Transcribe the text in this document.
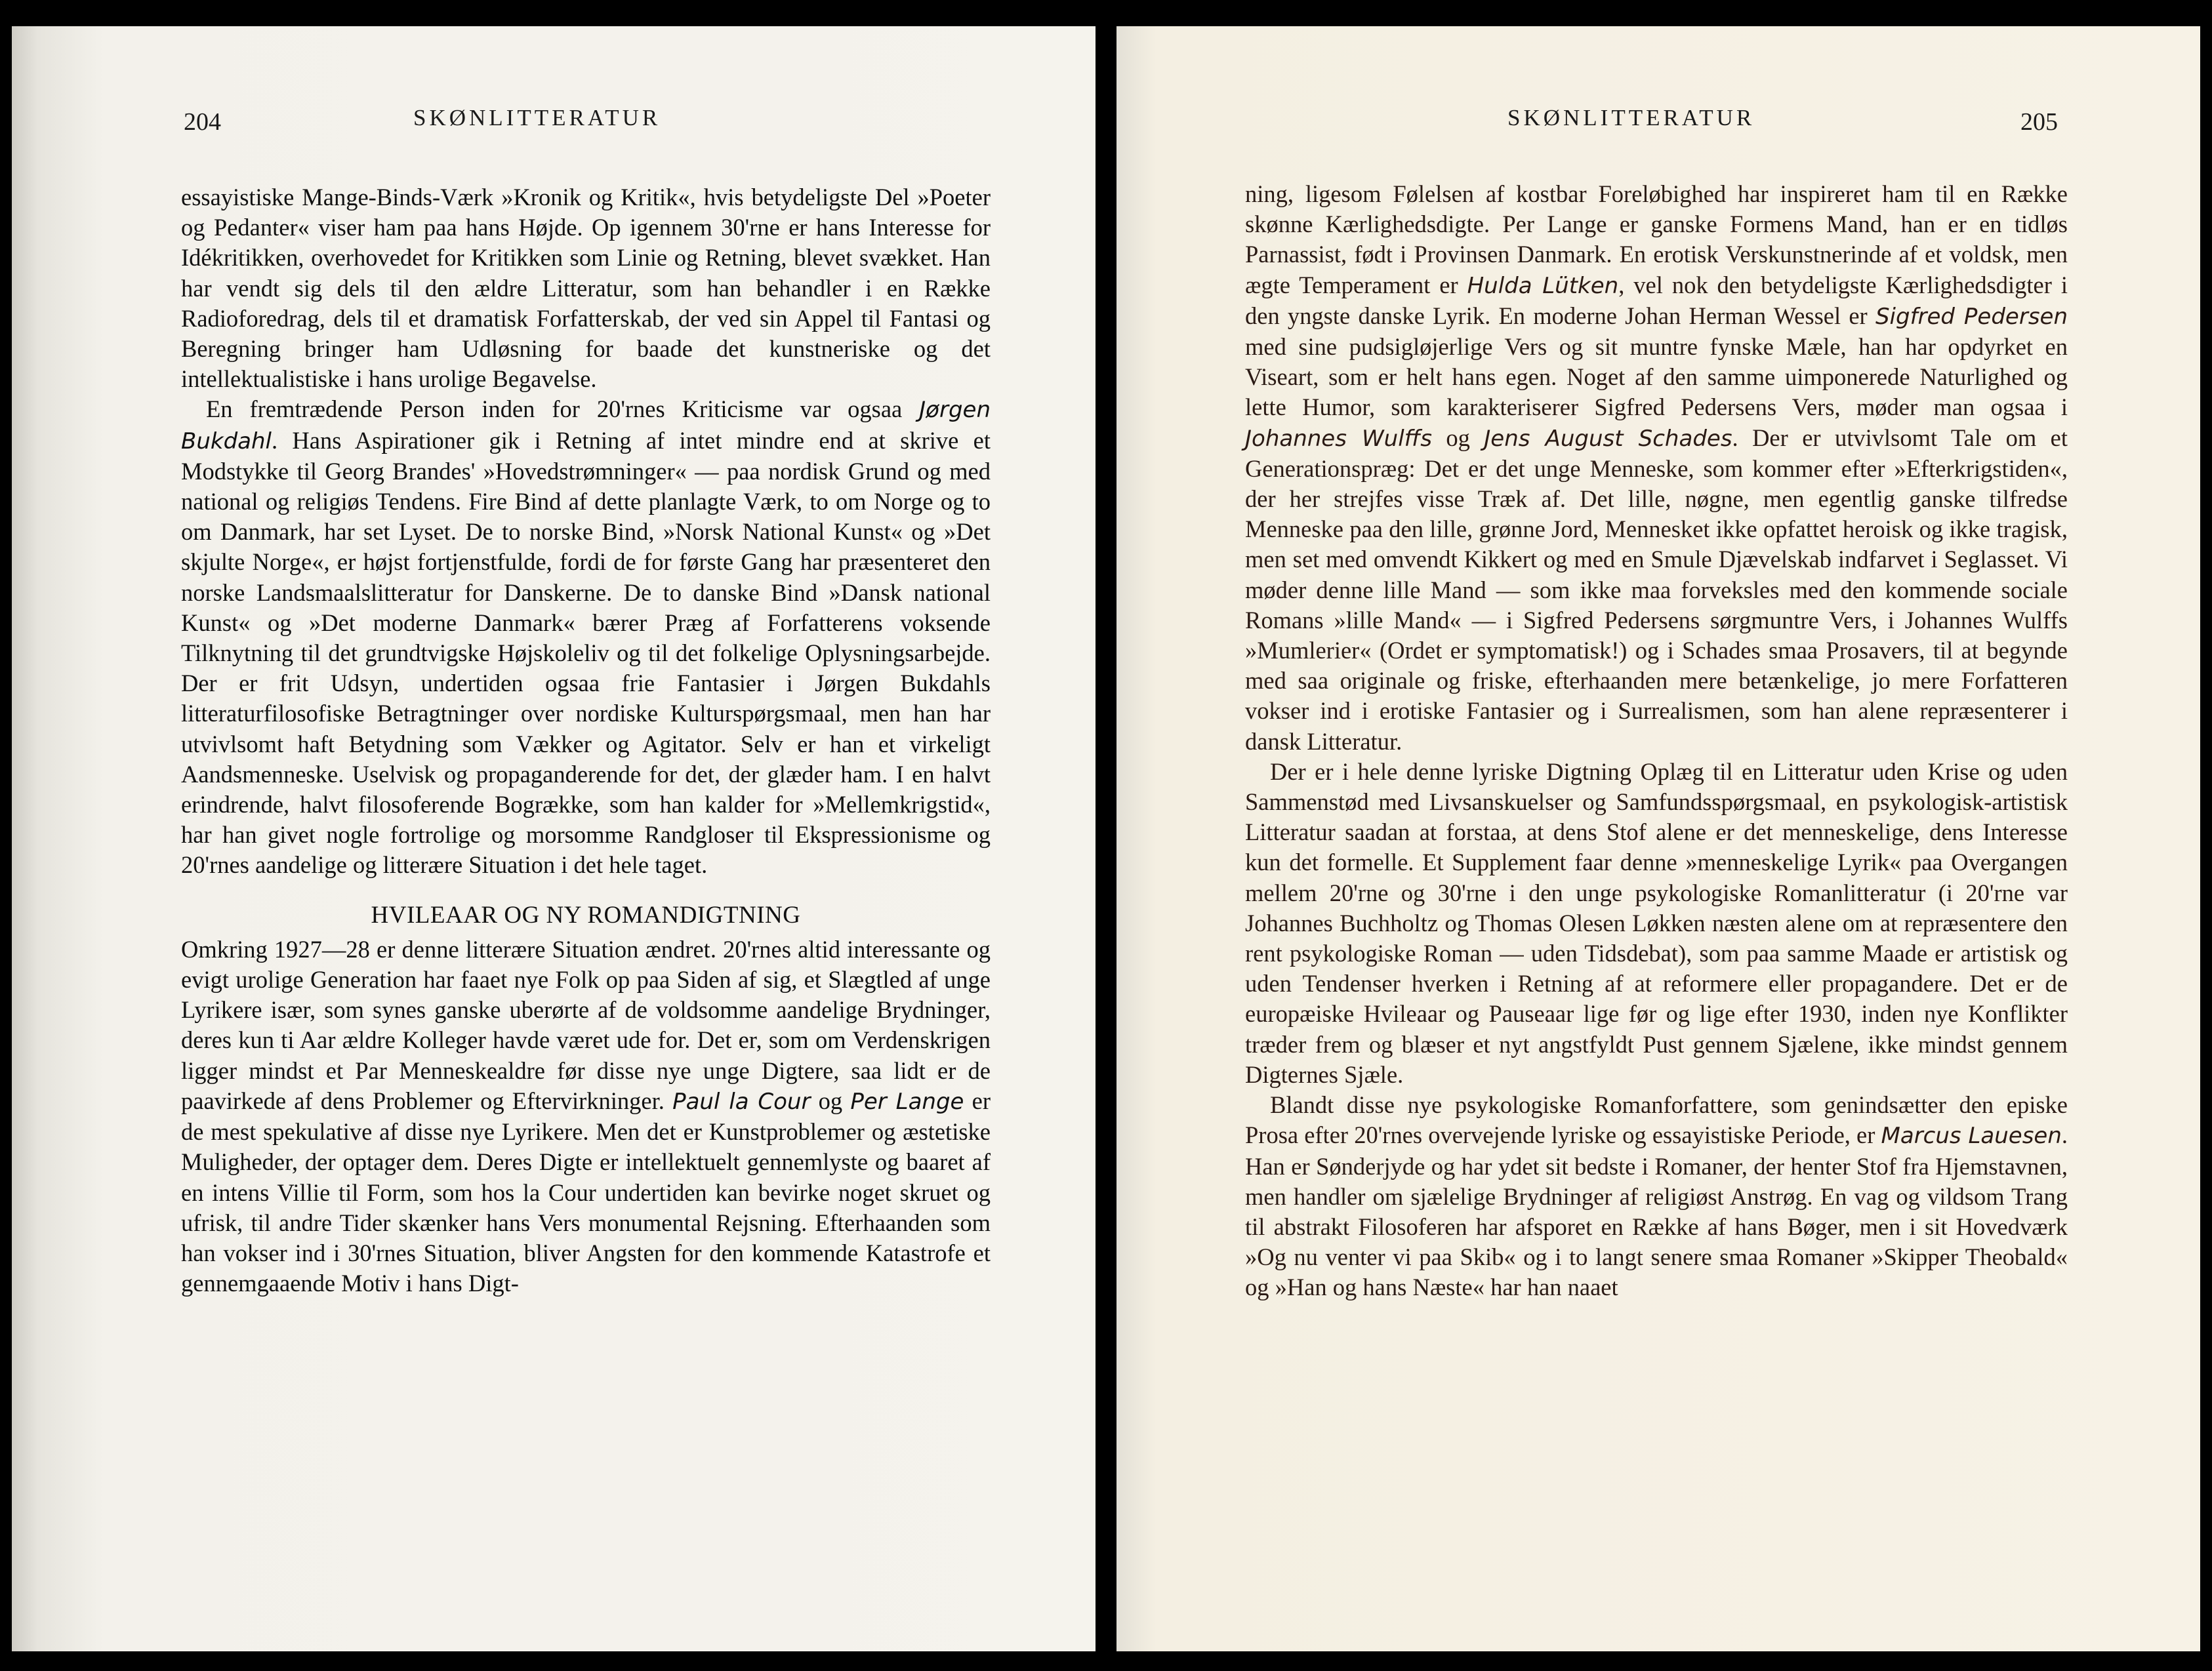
204	SKØNLITTERATUR

essayistiske Mange-Binds-Værk »Kronik og Kritik«, hvis betydeligste Del »Poeter og Pedanter« viser ham paa hans Højde. Op igennem 30'rne er hans Interesse for Idékritikken, overhovedet for Kritikken som Linie og Retning, blevet svækket. Han har vendt sig dels til den ældre Litteratur, som han behandler i en Række Radioforedrag, dels til et dramatisk Forfatterskab, der ved sin Appel til Fantasi og Beregning bringer ham Udløsning for baade det kunstneriske og det intellektualistiske i hans urolige Begavelse.

En fremtrædende Person inden for 20'rnes Kriticisme var ogsaa Jørgen Bukdahl. Hans Aspirationer gik i Retning af intet mindre end at skrive et Modstykke til Georg Brandes' »Hovedstrømninger« — paa nordisk Grund og med national og religiøs Tendens. Fire Bind af dette planlagte Værk, to om Norge og to om Danmark, har set Lyset. De to norske Bind, »Norsk National Kunst« og »Det skjulte Norge«, er højst fortjenstfulde, fordi de for første Gang har præsenteret den norske Landsmaalslitteratur for Danskerne. De to danske Bind »Dansk national Kunst« og »Det moderne Danmark« bærer Præg af Forfatterens voksende Tilknytning til det grundtvigske Højskoleliv og til det folkelige Oplysningsarbejde. Der er frit Udsyn, undertiden ogsaa frie Fantasier i Jørgen Bukdahls litteraturfilosofiske Betragtninger over nordiske Kulturspørgsmaal, men han har utvivlsomt haft Betydning som Vækker og Agitator. Selv er han et virkeligt Aandsmenneske. Uselvisk og propaganderende for det, der glæder ham. I en halvt erindrende, halvt filosoferende Bogrække, som han kalder for »Mellemkrigstid«, har han givet nogle fortrolige og morsomme Randgloser til Ekspressionisme og 20'rnes aandelige og litterære Situation i det hele taget.

HVILEAAR OG NY ROMANDIGTNING

Omkring 1927—28 er denne litterære Situation ændret. 20'rnes altid interessante og evigt urolige Generation har faaet nye Folk op paa Siden af sig, et Slægtled af unge Lyrikere især, som synes ganske uberørte af de voldsomme aandelige Brydninger, deres kun ti Aar ældre Kolleger havde været ude for. Det er, som om Verdenskrigen ligger mindst et Par Menneskealdre før disse nye unge Digtere, saa lidt er de paavirkede af dens Problemer og Eftervirkninger. Paul la Cour og Per Lange er de mest spekulative af disse nye Lyrikere. Men det er Kunstproblemer og æstetiske Muligheder, der optager dem. Deres Digte er intellektuelt gennemlyste og baaret af en intens Villie til Form, som hos la Cour undertiden kan bevirke noget skruet og ufrisk, til andre Tider skænker hans Vers monumental Rejsning. Efterhaanden som han vokser ind i 30'rnes Situation, bliver Angsten for den kommende Katastrofe et gennemgaaende Motiv i hans Digt-

SKØNLITTERATUR	205

ning, ligesom Følelsen af kostbar Foreløbighed har inspireret ham til en Række skønne Kærlighedsdigte. Per Lange er ganske Formens Mand, han er en tidløs Parnassist, født i Provinsen Danmark. En erotisk Verskunstnerinde af et voldsk, men ægte Temperament er Hulda Lütken, vel nok den betydeligste Kærlighedsdigter i den yngste danske Lyrik. En moderne Johan Herman Wessel er Sigfred Pedersen med sine pudsigløjerlige Vers og sit muntre fynske Mæle, han har opdyrket en Viseart, som er helt hans egen. Noget af den samme uimponerede Naturlighed og lette Humor, som karakteriserer Sigfred Pedersens Vers, møder man ogsaa i Johannes Wulffs og Jens August Schades. Der er utvivlsomt Tale om et Generationspræg: Det er det unge Menneske, som kommer efter »Efterkrigstiden«, der her strejfes visse Træk af. Det lille, nøgne, men egentlig ganske tilfredse Menneske paa den lille, grønne Jord, Mennesket ikke opfattet heroisk og ikke tragisk, men set med omvendt Kikkert og med en Smule Djævelskab indfarvet i Seglasset. Vi møder denne lille Mand — som ikke maa forveksles med den kommende sociale Romans »lille Mand« — i Sigfred Pedersens sørgmuntre Vers, i Johannes Wulffs »Mumlerier« (Ordet er symptomatisk!) og i Schades smaa Prosavers, til at begynde med saa originale og friske, efterhaanden mere betænkelige, jo mere Forfatteren vokser ind i erotiske Fantasier og i Surrealismen, som han alene repræsenterer i dansk Litteratur.

Der er i hele denne lyriske Digtning Oplæg til en Litteratur uden Krise og uden Sammenstød med Livsanskuelser og Samfundsspørgsmaal, en psykologisk-artistisk Litteratur saadan at forstaa, at dens Stof alene er det menneskelige, dens Interesse kun det formelle. Et Supplement faar denne »menneskelige Lyrik« paa Overgangen mellem 20'rne og 30'rne i den unge psykologiske Romanlitteratur (i 20'rne var Johannes Buchholtz og Thomas Olesen Løkken næsten alene om at repræsentere den rent psykologiske Roman — uden Tidsdebat), som paa samme Maade er artistisk og uden Tendenser hverken i Retning af at reformere eller propagandere. Det er de europæiske Hvileaar og Pauseaar lige før og lige efter 1930, inden nye Konflikter træder frem og blæser et nyt angstfyldt Pust gennem Sjælene, ikke mindst gennem Digternes Sjæle.

Blandt disse nye psykologiske Romanforfattere, som genindsætter den episke Prosa efter 20'rnes overvejende lyriske og essayistiske Periode, er Marcus Lauesen. Han er Sønderjyde og har ydet sit bedste i Romaner, der henter Stof fra Hjemstavnen, men handler om sjælelige Brydninger af religiøst Anstrøg. En vag og vildsom Trang til abstrakt Filosoferen har afsporet en Række af hans Bøger, men i sit Hovedværk »Og nu venter vi paa Skib« og i to langt senere smaa Romaner »Skipper Theobald« og »Han og hans Næste« har han naaet
